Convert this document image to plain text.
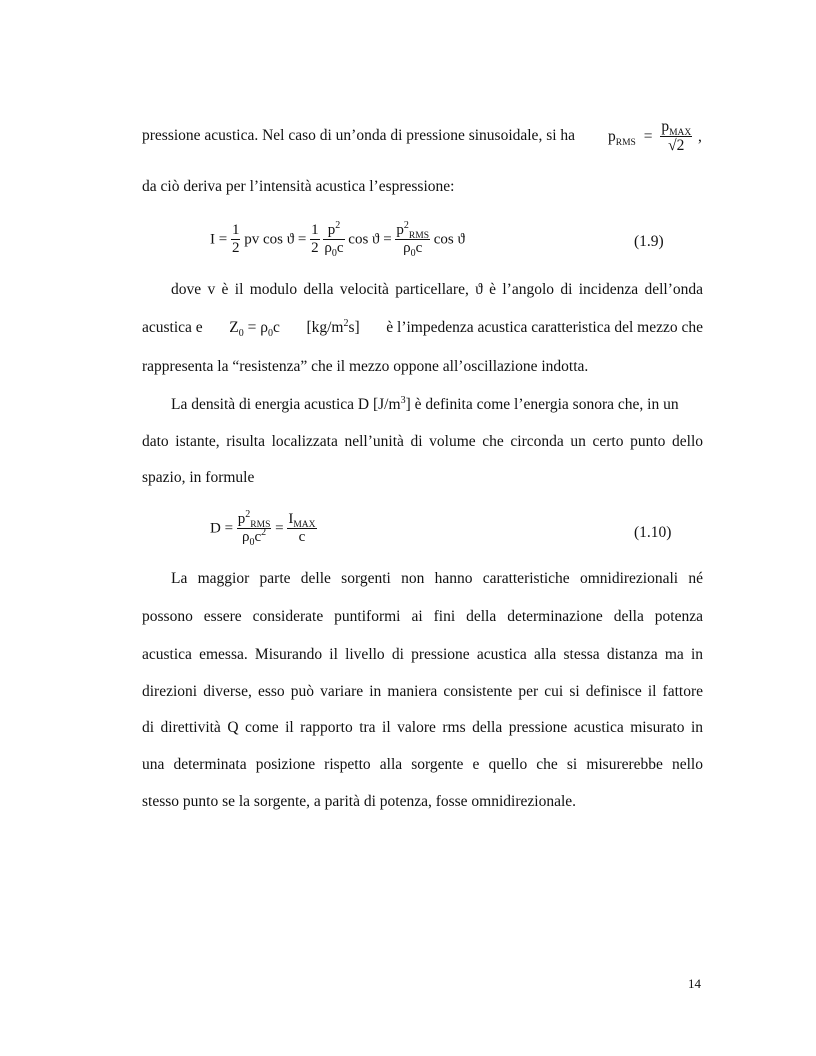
pressione acustica. Nel caso di un’onda di pressione sinusoidale, si ha	$p_{RMS} = \frac{p_{MAX}}{√2}$ ,
da ciò deriva per l’intensità acustica l’espressione:
$I = \frac{1}{2}$ pv $\cos ϑ = \frac{1}{2}$
$\frac{p^2}{\rho_0c}$ $\cos ϑ = \frac{p^2_{RMS}}{\rho_0c}$ cos ϑ	(1.9)
dove v è il modulo della velocità particellare, ϑ è l’angolo di incidenza dell’onda
acustica e $Z_0 = \rho_0c$ $[kg/m^2s]$ è l’impedenza acustica caratteristica del mezzo che
rappresenta la “resistenza” che il mezzo oppone all’oscillazione indotta.
La densità di energia acustica D $[J/m^3]$ è definita come l’energia sonora che, in un
dato istante, risulta localizzata nell’unità di volume che circonda un certo punto dello
spazio, in formule
$D = \frac{p^2_{RMS}}{\rho_0c^2} = \frac{I_{MAX}}{c}$	(1.10)
La maggior parte delle sorgenti non hanno caratteristiche omnidirezionali né
possono essere considerate puntiformi ai fini della determinazione della potenza
acustica emessa. Misurando il livello di pressione acustica alla stessa distanza ma in
direzioni diverse, esso può variare in maniera consistente per cui si definisce il fattore
di direttività Q come il rapporto tra il valore rms della pressione acustica misurato in
una determinata posizione rispetto alla sorgente e quello che si misurerebbe nello
stesso punto se la sorgente, a parità di potenza, fosse omnidirezionale.
14
